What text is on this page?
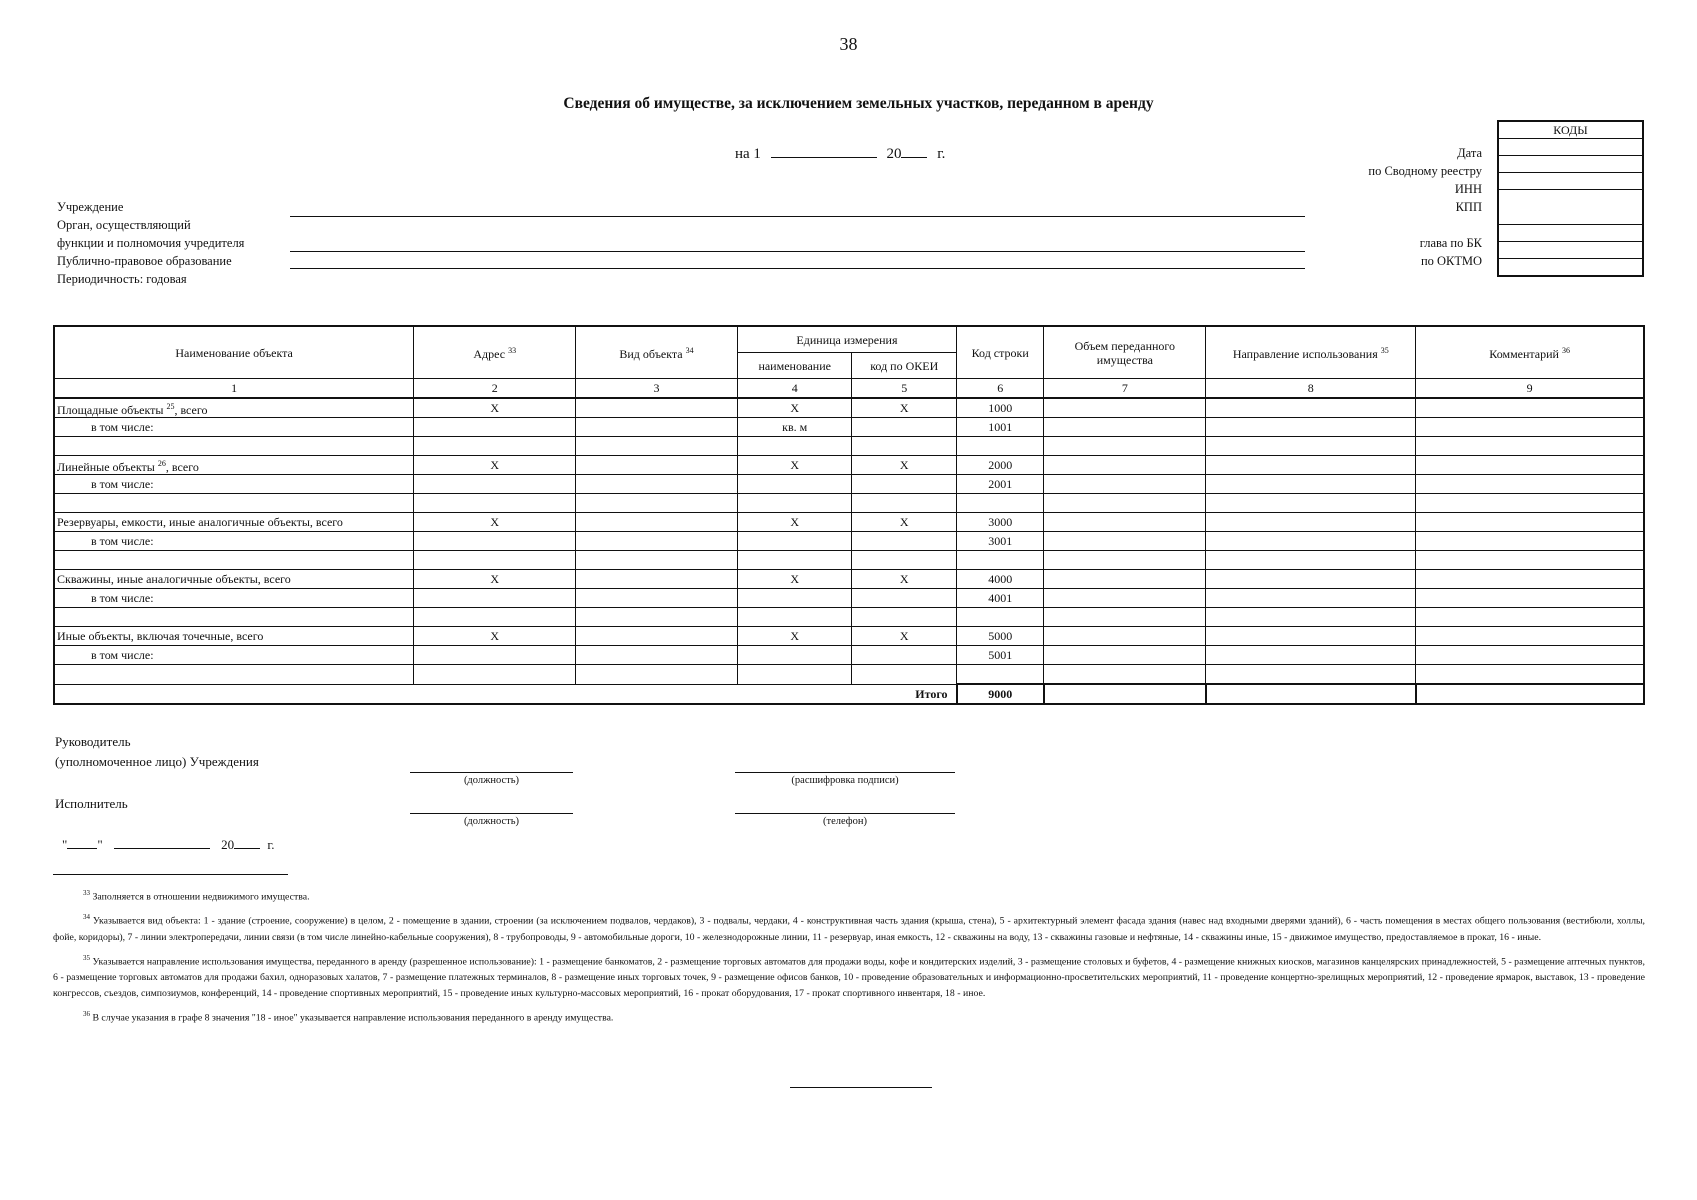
38
Сведения об имуществе, за исключением земельных участков, переданном в аренду
на 1	20 г.
Учреждение
Орган, осуществляющий
функции и полномочия учредителя
Публично-правовое образование
Периодичность: годовая
Дата
по Сводному реестру
ИНН
КПП
глава по БК
по ОКТМО
КОДЫ

Наименование объекта	Адрес $^{33}$	Вид объекта $^{34}$	Единица измерения		Код строки	Объем переданного имущества	Направление использования $^{35}$	Комментарий $^{36}$
			наименование	код по ОКЕИ				
1	2	3	4	5	6	7	8	9
Площадные объекты $^{25}$, всего	X		X	X	1000			
в том числе:			кв. м		1001			

Линейные объекты $^{26}$, всего	X		X	X	2000			
в том числе:					2001			

Резервуары, емкости, иные аналогичные объекты, всего	X		X	X	3000			
в том числе:					3001			

Скважины, иные аналогичные объекты, всего	X		X	X	4000			
в том числе:					4001			

Иные объекты, включая точечные, всего	X		X	X	5000			
в том числе:					5001			

Итого					9000			
Руководитель
(уполномоченное лицо) Учреждения
(должность)	(расшифровка подписи)
Исполнитель
(должность)	(телефон)
" "	20	г.
$^{33}$ Заполняется в отношении недвижимого имущества.
$^{34}$ Указывается вид объекта: 1 - здание (строение, сооружение) в целом, 2 - помещение в здании, строении (за исключением подвалов, чердаков), 3 - подвалы, чердаки, 4 - конструктивная часть здания (крыша, стена), 5 - архитектурный элемент фасада здания (навес над входными дверями зданий), 6 - часть помещения в местах общего пользования (вестибюли, холлы, фойе, коридоры), 7 - линии электропередачи, линии связи (в том числе линейно-кабельные сооружения), 8 - трубопроводы, 9 - автомобильные дороги, 10 - железнодорожные линии, 11 - резервуар, иная емкость, 12 - скважины на воду, 13 - скважины газовые и нефтяные, 14 - скважины иные, 15 - движимое имущество, предоставляемое в прокат, 16 - иные.
$^{35}$ Указывается направление использования имущества, переданного в аренду (разрешенное использование): 1 - размещение банкоматов, 2 - размещение торговых автоматов для продажи воды, кофе и кондитерских изделий, 3 - размещение столовых и буфетов, 4 - размещение книжных киосков, магазинов канцелярских принадлежностей, 5 - размещение аптечных пунктов, 6 - размещение торговых автоматов для продажи бахил, одноразовых халатов, 7 - размещение платежных терминалов, 8 - размещение иных торговых точек, 9 - размещение офисов банков, 10 - проведение образовательных и информационно-просветительских мероприятий, 11 - проведение концертно-зрелищных мероприятий, 12 - проведение ярмарок, выставок, 13 - проведение конгрессов, съездов, симпозиумов, конференций, 14 - проведение спортивных мероприятий, 15 - проведение иных культурно-массовых мероприятий, 16 - прокат оборудования, 17 - прокат спортивного инвентаря, 18 - иное.
$^{36}$ В случае указания в графе 8 значения "18 - иное" указывается направление использования переданного в аренду имущества.
